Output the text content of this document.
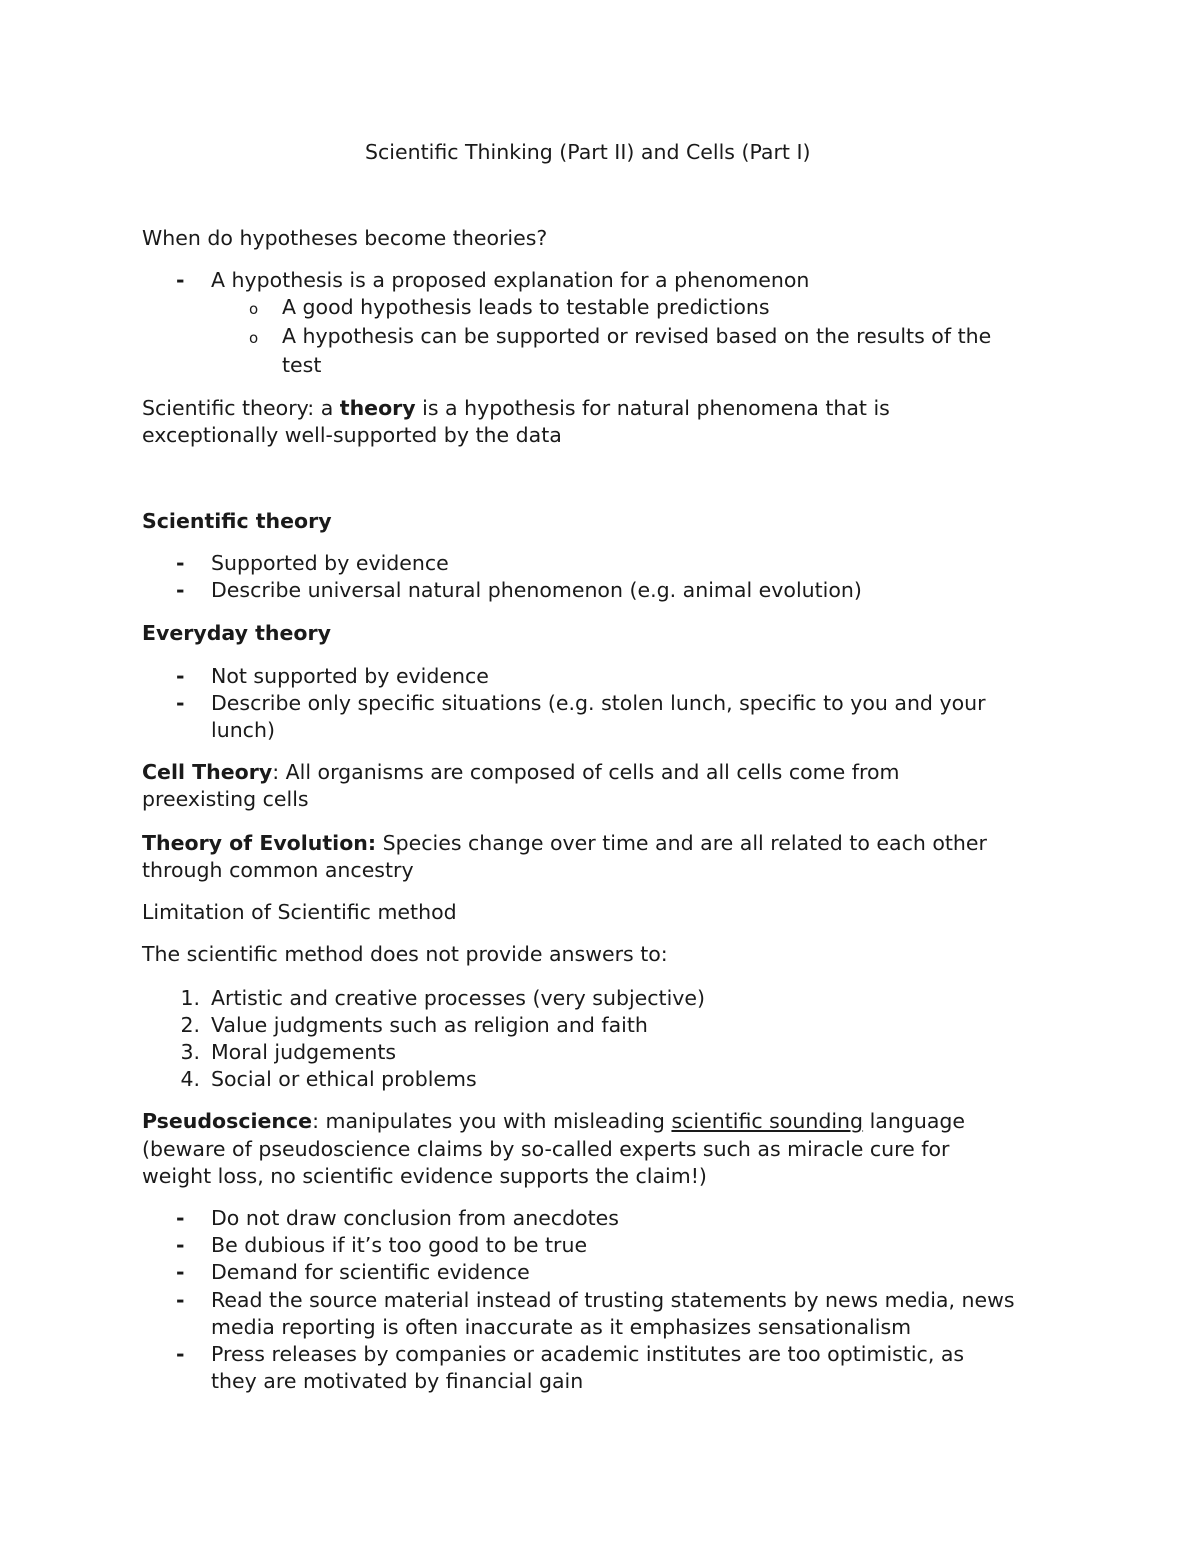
Scientific Thinking (Part II) and Cells (Part I)
When do hypotheses become theories?
- A hypothesis is a proposed explanation for a phenomenon
o A good hypothesis leads to testable predictions
o A hypothesis can be supported or revised based on the results of the
test
Scientific theory: a theory is a hypothesis for natural phenomena that is
exceptionally well-supported by the data
Scientific theory
- Supported by evidence
- Describe universal natural phenomenon (e.g. animal evolution)
Everyday theory
- Not supported by evidence
- Describe only specific situations (e.g. stolen lunch, specific to you and your
lunch)
Cell Theory: All organisms are composed of cells and all cells come from
preexisting cells
Theory of Evolution: Species change over time and are all related to each other
through common ancestry
Limitation of Scientific method
The scientific method does not provide answers to:
1. Artistic and creative processes (very subjective)
2. Value judgments such as religion and faith
3. Moral judgements
4. Social or ethical problems
Pseudoscience: manipulates you with misleading scientific sounding language
(beware of pseudoscience claims by so-called experts such as miracle cure for
weight loss, no scientific evidence supports the claim!)
- Do not draw conclusion from anecdotes
- Be dubious if it’s too good to be true
- Demand for scientific evidence
- Read the source material instead of trusting statements by news media, news
media reporting is often inaccurate as it emphasizes sensationalism
- Press releases by companies or academic institutes are too optimistic, as
they are motivated by financial gain
